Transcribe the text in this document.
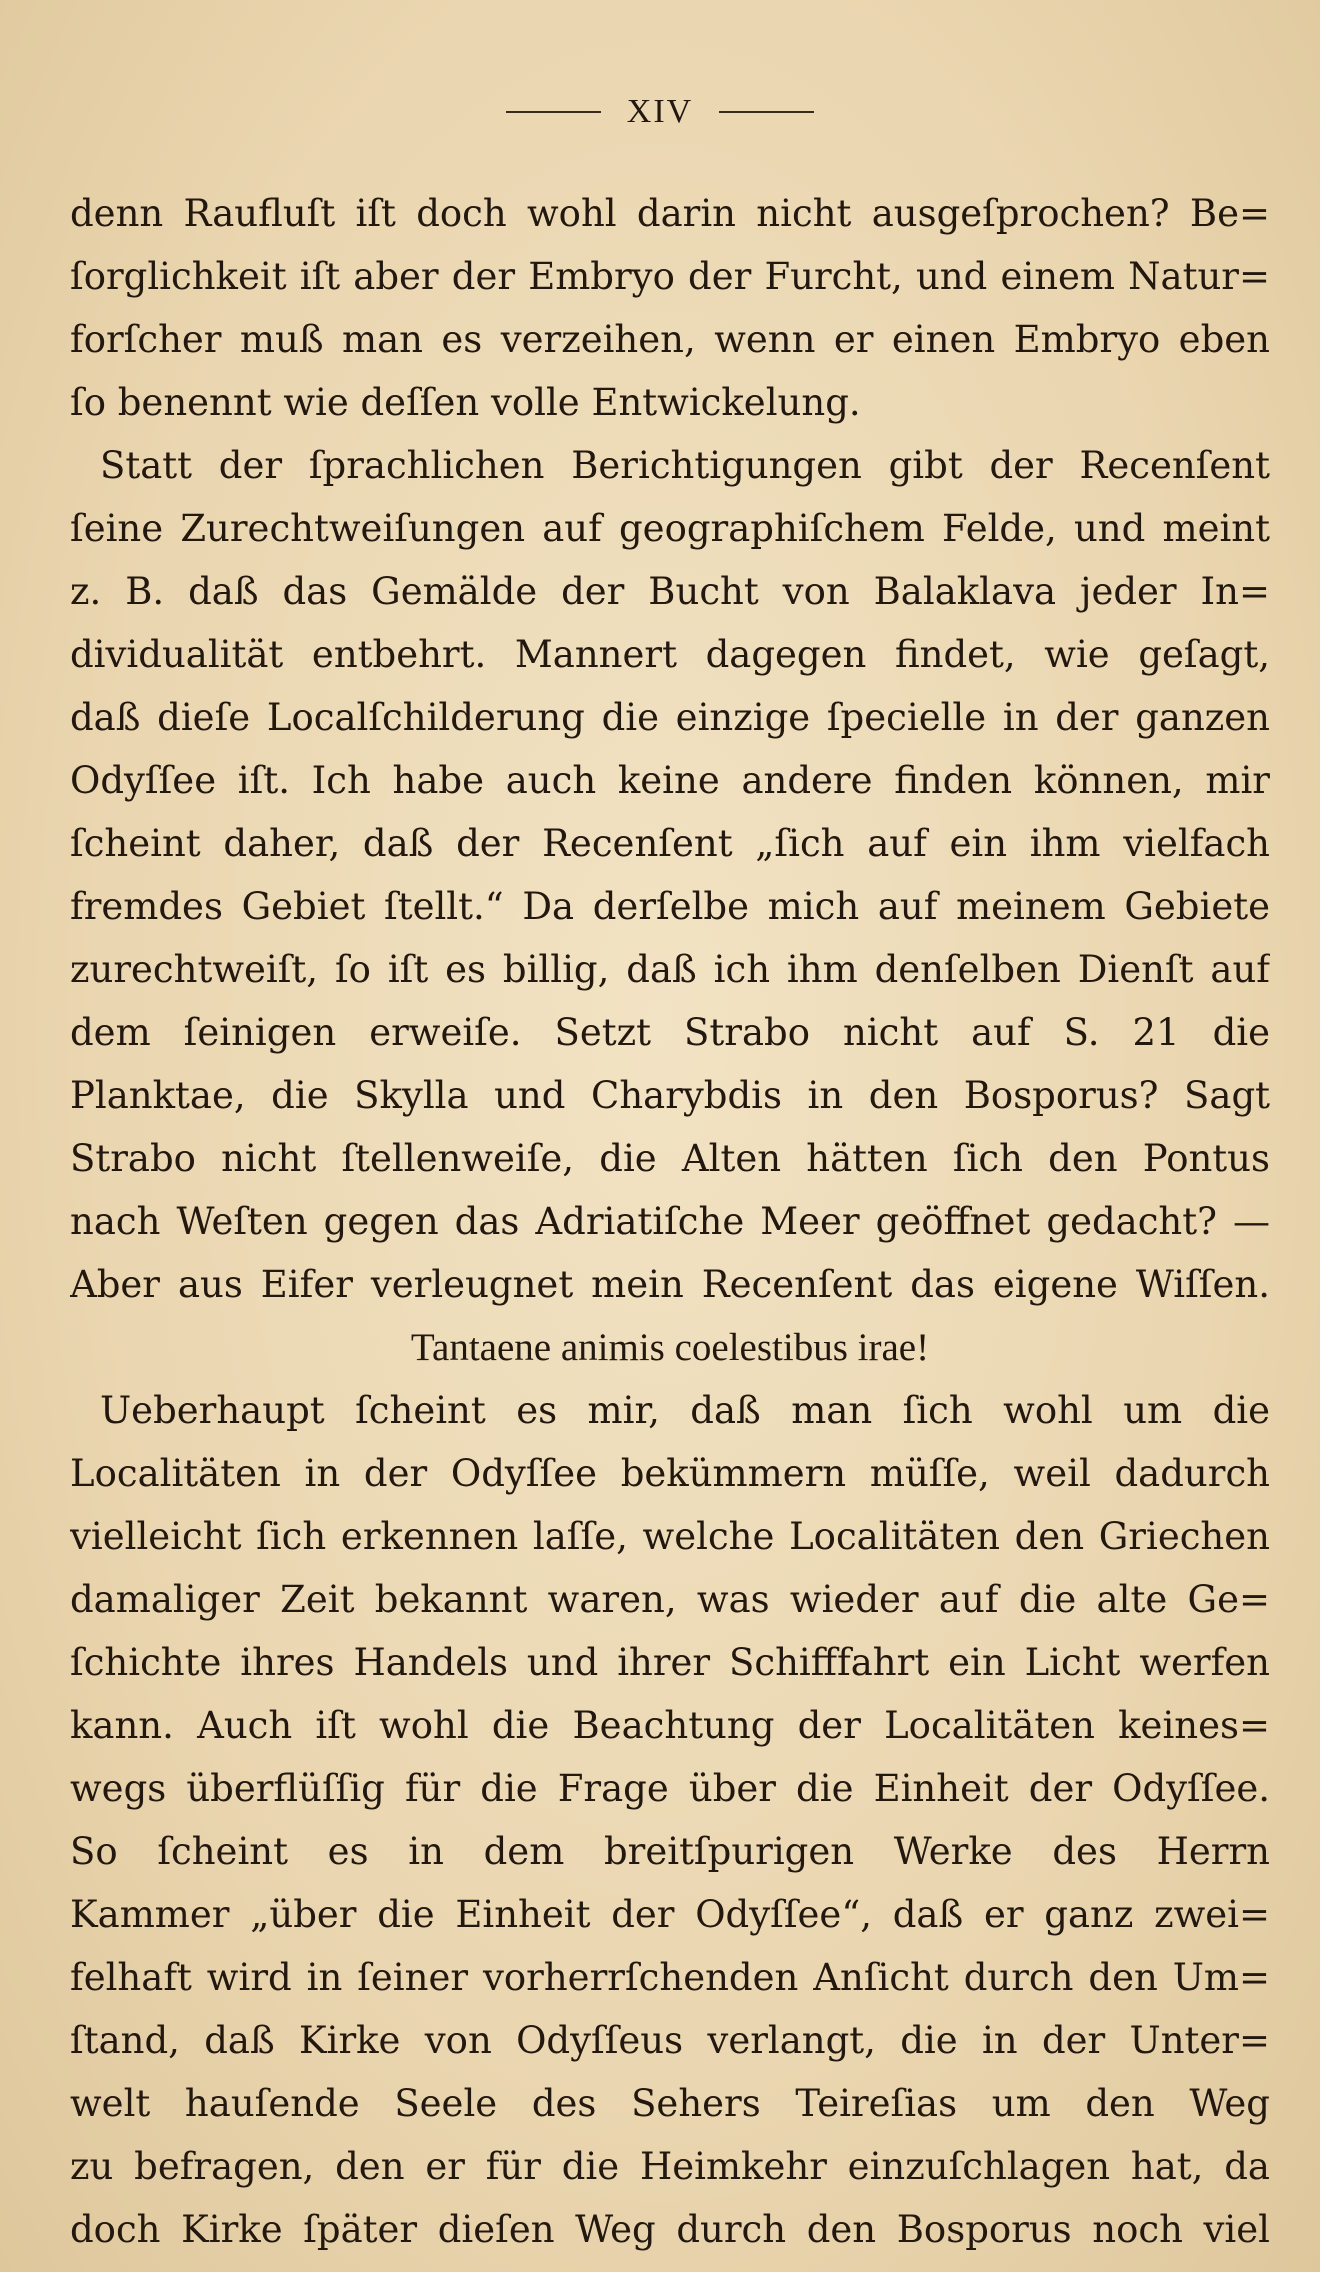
XIV
denn Raufluſt iſt doch wohl darin nicht ausgeſprochen? Be=
ſorglichkeit iſt aber der Embryo der Furcht, und einem Natur=
forſcher muß man es verzeihen, wenn er einen Embryo eben
ſo benennt wie deſſen volle Entwickelung.
Statt der ſprachlichen Berichtigungen gibt der Recenſent
ſeine Zurechtweiſungen auf geographiſchem Felde, und meint
z. B. daß das Gemälde der Bucht von Balaklava jeder In=
dividualität entbehrt. Mannert dagegen findet, wie geſagt,
daß dieſe Localſchilderung die einzige ſpecielle in der ganzen
Odyſſee iſt. Ich habe auch keine andere finden können, mir
ſcheint daher, daß der Recenſent „ſich auf ein ihm vielfach
fremdes Gebiet ſtellt.“ Da derſelbe mich auf meinem Gebiete
zurechtweiſt, ſo iſt es billig, daß ich ihm denſelben Dienſt auf
dem ſeinigen erweiſe. Setzt Strabo nicht auf S. 21 die
Planktae, die Skylla und Charybdis in den Bosporus? Sagt
Strabo nicht ſtellenweiſe, die Alten hätten ſich den Pontus
nach Weſten gegen das Adriatiſche Meer geöffnet gedacht? —
Aber aus Eifer verleugnet mein Recenſent das eigene Wiſſen.
Tantaene animis coelestibus irae!
Ueberhaupt ſcheint es mir, daß man ſich wohl um die
Localitäten in der Odyſſee bekümmern müſſe, weil dadurch
vielleicht ſich erkennen laſſe, welche Localitäten den Griechen
damaliger Zeit bekannt waren, was wieder auf die alte Ge=
ſchichte ihres Handels und ihrer Schifffahrt ein Licht werfen
kann. Auch iſt wohl die Beachtung der Localitäten keines=
wegs überflüſſig für die Frage über die Einheit der Odyſſee.
So ſcheint es in dem breitſpurigen Werke des Herrn
Kammer „über die Einheit der Odyſſee“, daß er ganz zwei=
felhaft wird in ſeiner vorherrſchenden Anſicht durch den Um=
ſtand, daß Kirke von Odyſſeus verlangt, die in der Unter=
welt hauſende Seele des Sehers Teireſias um den Weg
zu befragen, den er für die Heimkehr einzuſchlagen hat, da
doch Kirke ſpäter dieſen Weg durch den Bosporus noch viel
